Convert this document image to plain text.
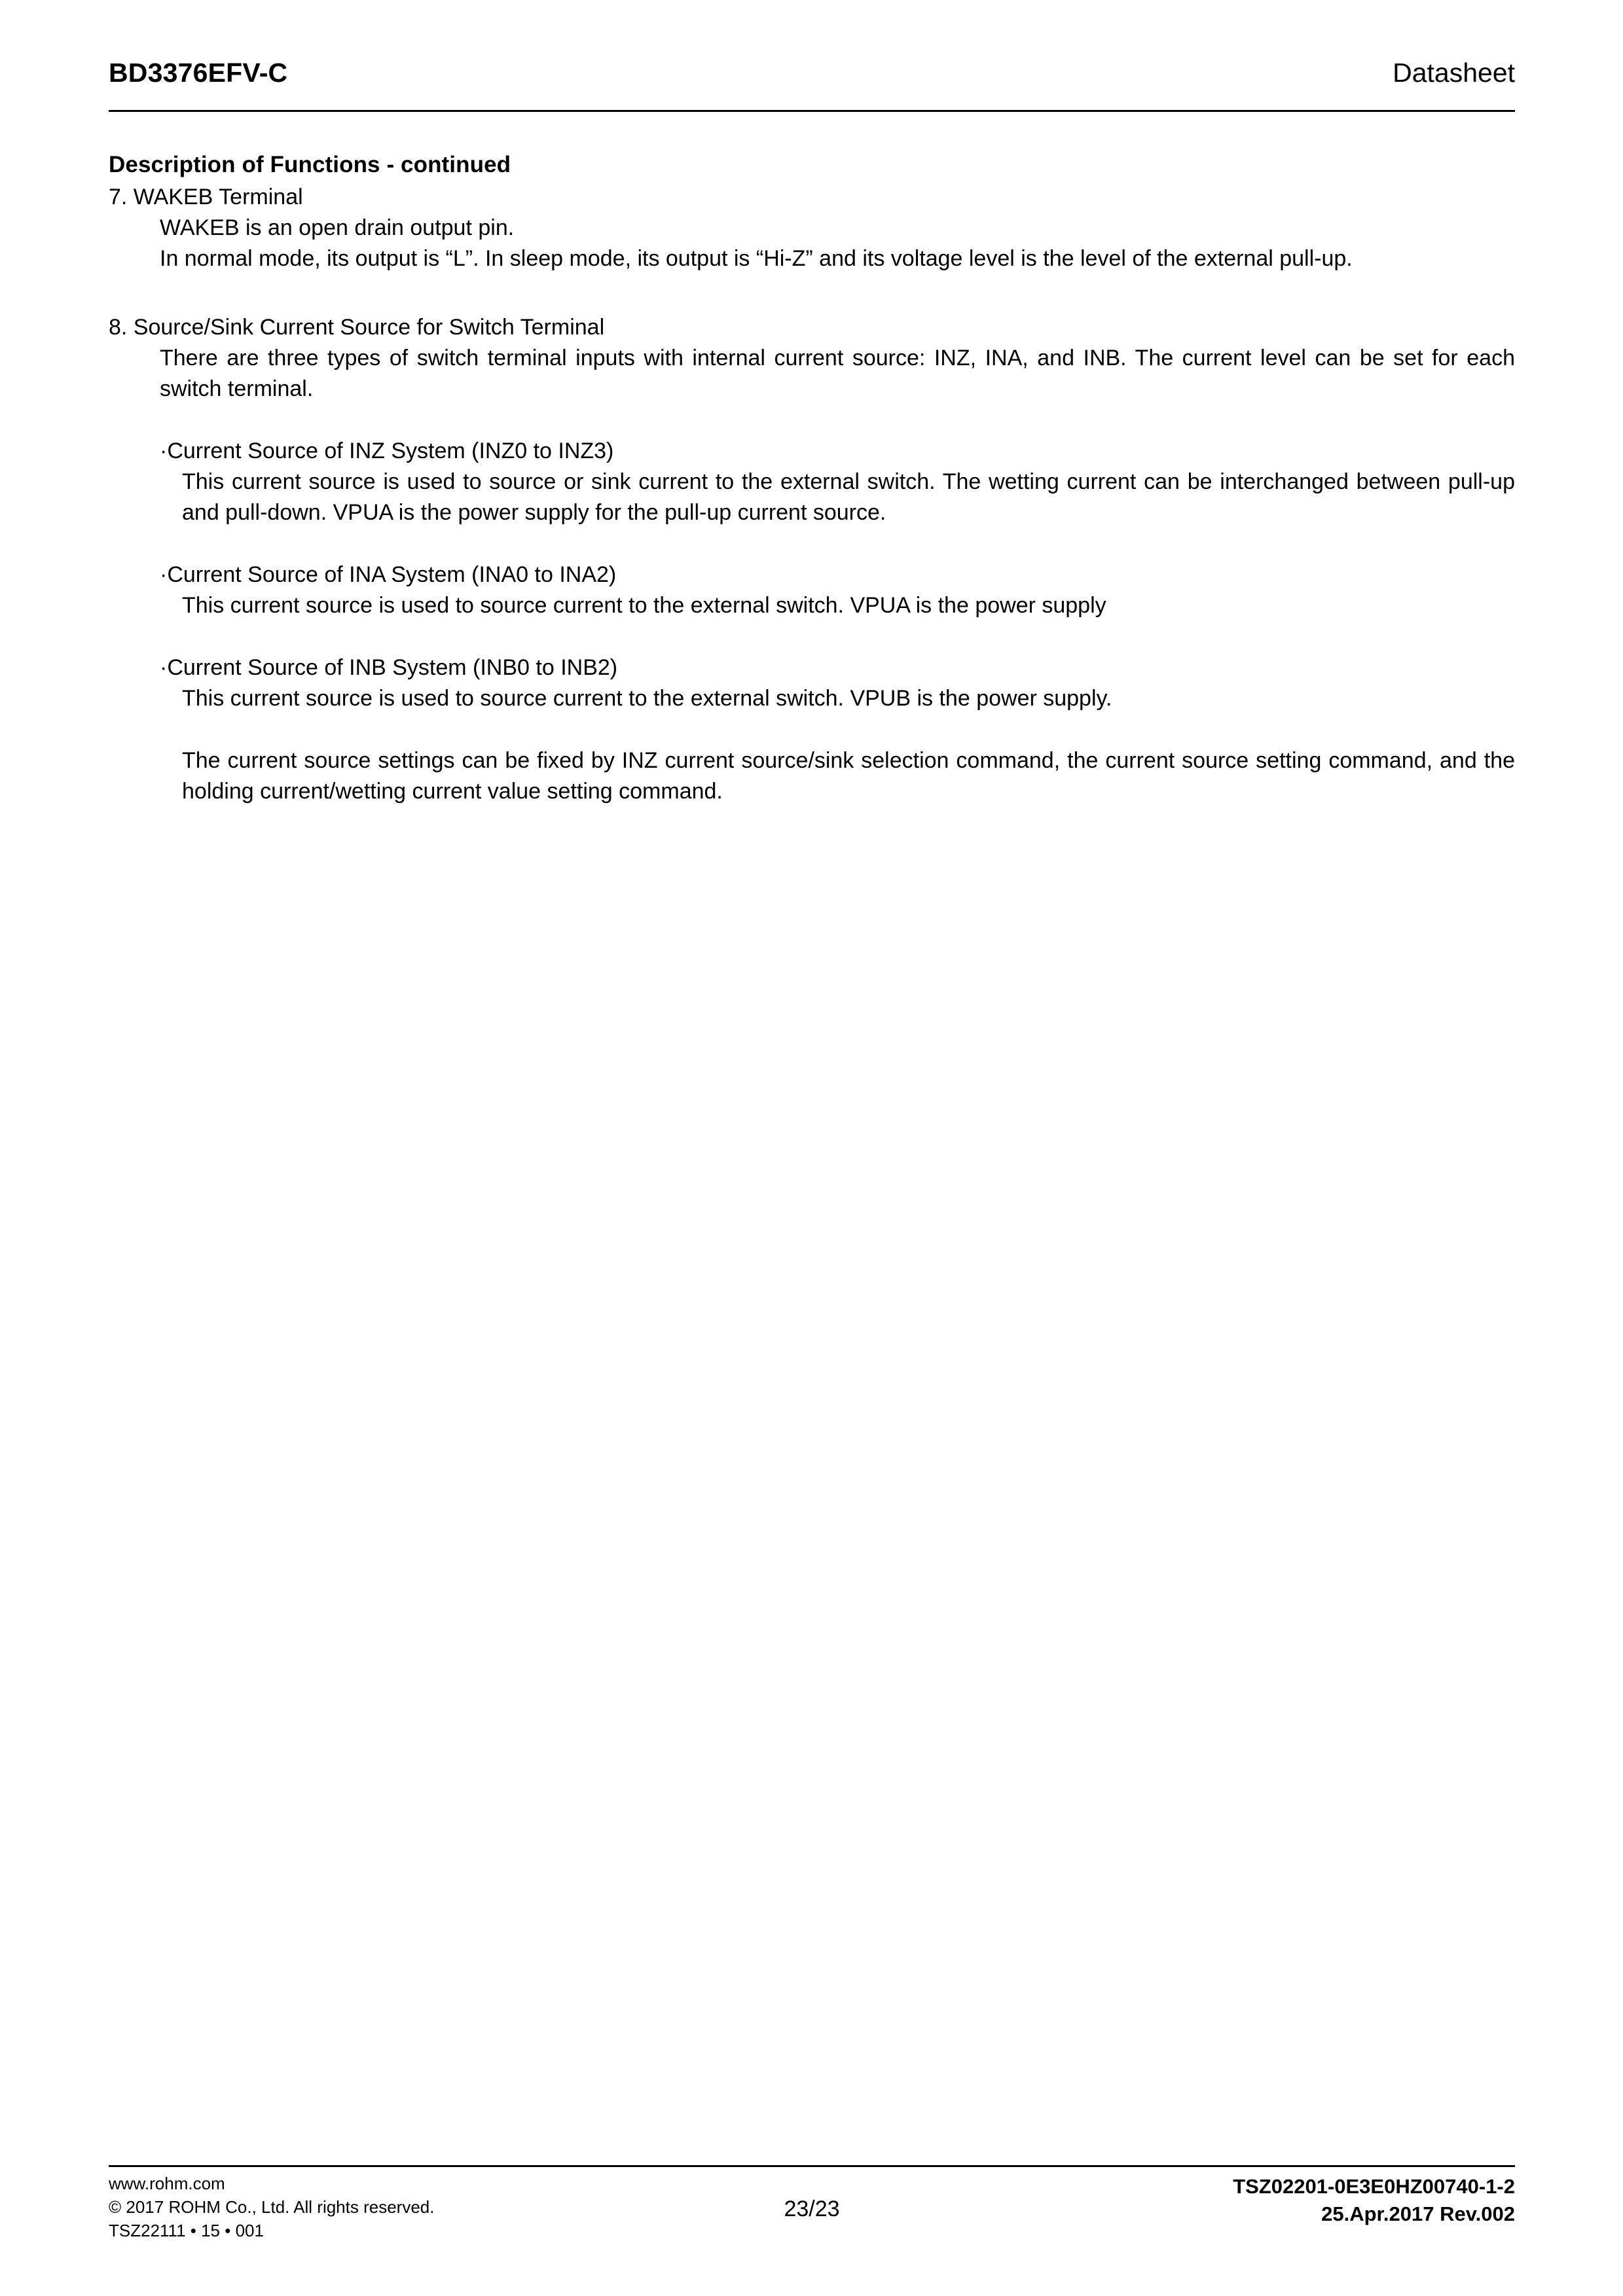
BD3376EFV-C	Datasheet
Description of Functions - continued
7. WAKEB Terminal
WAKEB is an open drain output pin.
In normal mode, its output is “L”. In sleep mode, its output is “Hi-Z” and its voltage level is the level of the external pull-up.
8. Source/Sink Current Source for Switch Terminal
There are three types of switch terminal inputs with internal current source: INZ, INA, and INB. The current level can be set for each switch terminal.
·Current Source of INZ System (INZ0 to INZ3)
This current source is used to source or sink current to the external switch. The wetting current can be interchanged between pull-up and pull-down. VPUA is the power supply for the pull-up current source.
·Current Source of INA System (INA0 to INA2)
This current source is used to source current to the external switch. VPUA is the power supply
·Current Source of INB System (INB0 to INB2)
This current source is used to source current to the external switch. VPUB is the power supply.
The current source settings can be fixed by INZ current source/sink selection command, the current source setting command, and the holding current/wetting current value setting command.
www.rohm.com
© 2017 ROHM Co., Ltd. All rights reserved.
TSZ22111 • 15 • 001
23/23
TSZ02201-0E3E0HZ00740-1-2
25.Apr.2017 Rev.002
